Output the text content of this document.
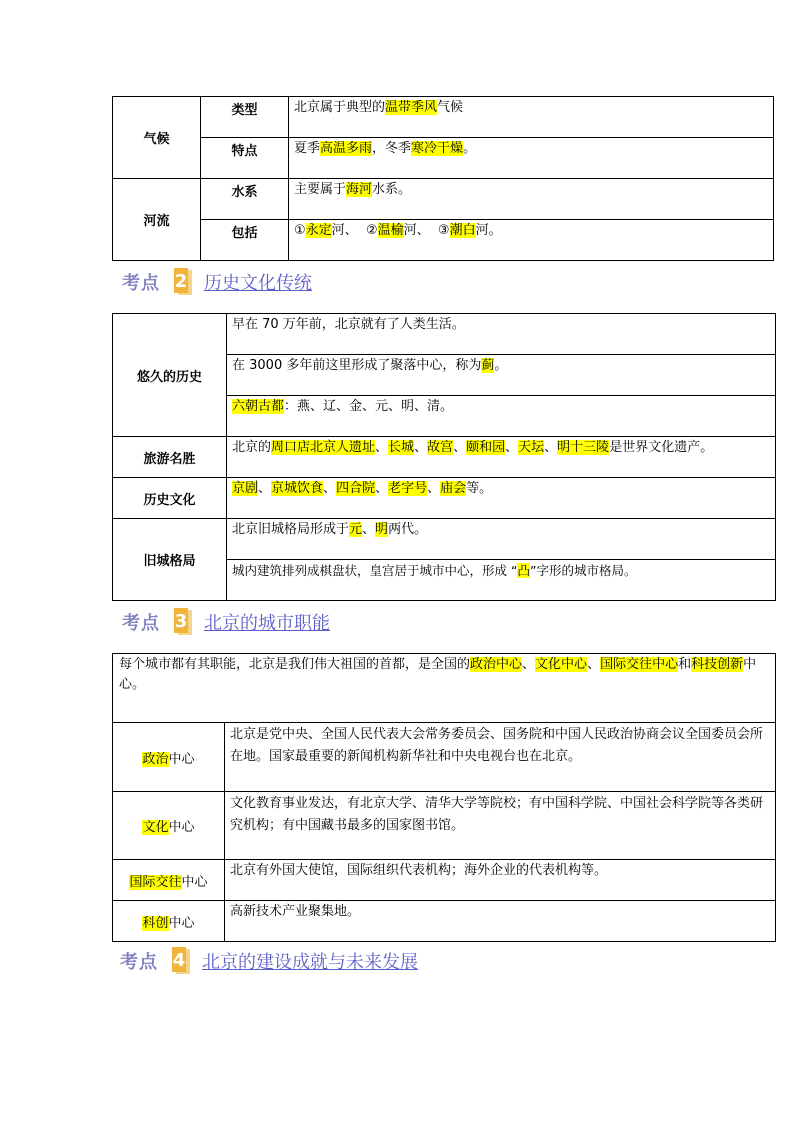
气候	类型	北京属于典型的温带季风气候
	特点	夏季高温多雨，冬季寒冷干燥。
河流	水系	主要属于海河水系。
	包括	①永定河、 ②温榆河、 ③潮白河。
考点 2 历史文化传统
悠久的历史	早在 70 万年前，北京就有了人类生活。
	在 3000 多年前这里形成了聚落中心，称为蓟。
	六朝古都：燕、辽、金、元、明、清。
旅游名胜	北京的周口店北京人遗址、长城、故宫、颐和园、天坛、明十三陵是世界文化遗产。
历史文化	京剧、京城饮食、四合院、老字号、庙会等。
旧城格局	北京旧城格局形成于元、明两代。
	城内建筑排列成棋盘状，皇宫居于城市中心，形成 “凸”字形的城市格局。
考点 3 北京的城市职能
每个城市都有其职能，北京是我们伟大祖国的首都，是全国的政治中心、文化中心、国际交往中心和科技创新中心。	
政治中心	北京是党中央、全国人民代表大会常务委员会、国务院和中国人民政治协商会议全国委员会所在地。国家最重要的新闻机构新华社和中央电视台也在北京。
文化中心	文化教育事业发达，有北京大学、清华大学等院校；有中国科学院、中国社会科学院等各类研究机构；有中国藏书最多的国家图书馆。
国际交往中心	北京有外国大使馆，国际组织代表机构；海外企业的代表机构等。
科创中心	高新技术产业聚集地。
考点 4 北京的建设成就与未来发展
